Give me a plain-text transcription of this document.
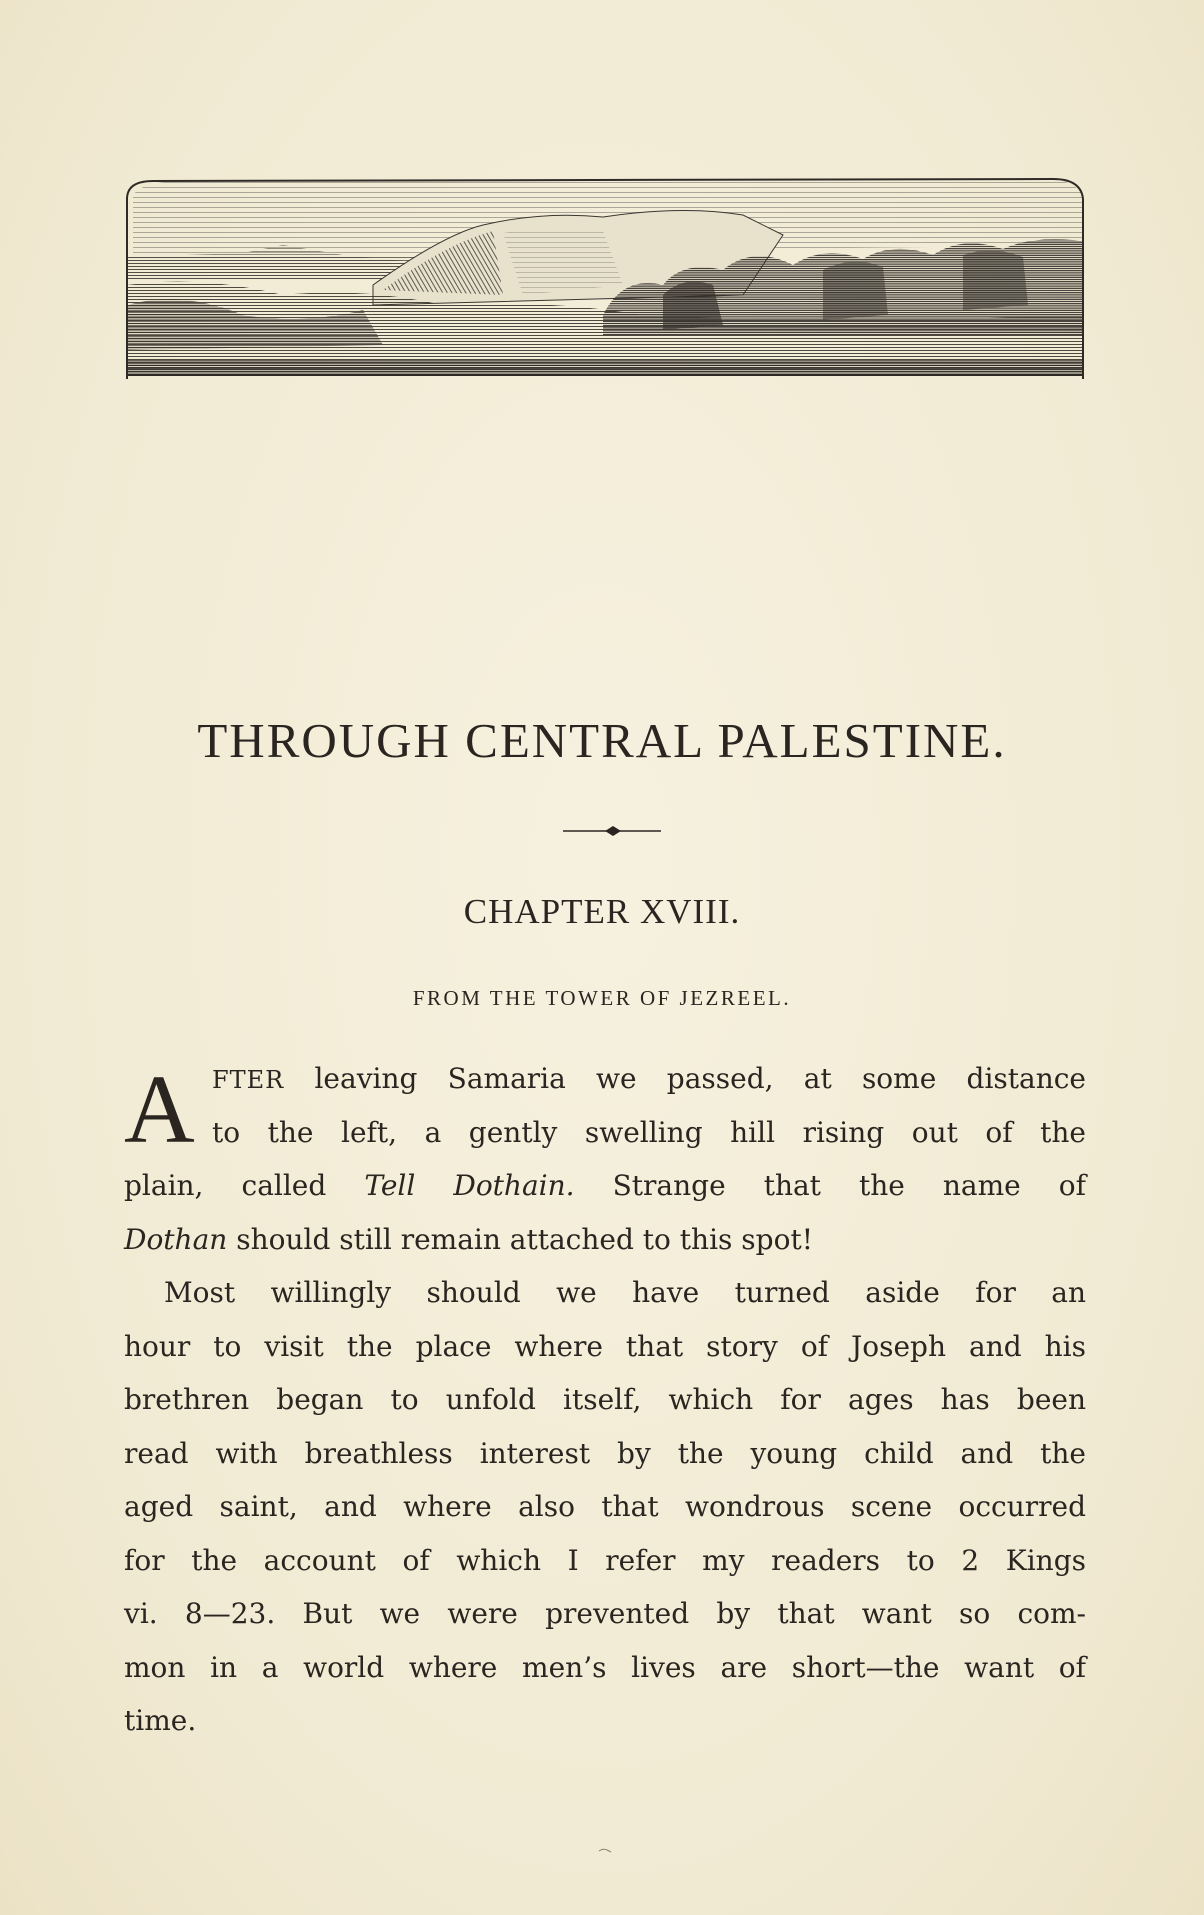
THROUGH CENTRAL PALESTINE.
CHAPTER XVIII.
FROM THE TOWER OF JEZREEL.
A FTER leaving Samaria we passed, at some distance
to the left, a gently swelling hill rising out of the
plain, called Tell Dothain. Strange that the name of
Dothan should still remain attached to this spot!
Most willingly should we have turned aside for an
hour to visit the place where that story of Joseph and his
brethren began to unfold itself, which for ages has been
read with breathless interest by the young child and the
aged saint, and where also that wondrous scene occurred
for the account of which I refer my readers to 2 Kings
vi. 8—23. But we were prevented by that want so com-
mon in a world where men’s lives are short—the want of
time.
